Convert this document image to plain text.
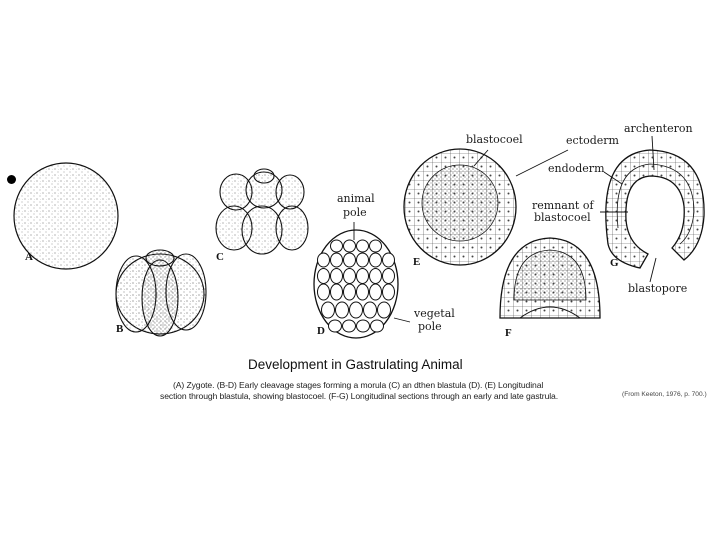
blastocoel	ectoderm
archenteron
endoderm
animal
pole
remnant of
blastocoel
vegetal
pole
blastopore
A
B
C
D
E
F
G
Development in Gastrulating Animal
(A) Zygote. (B-D) Early cleavage stages forming a morula (C) an dthen blastula (D). (E) Longitudinal
section through blastula, showing blastocoel. (F-G) Longitudinal sections through an early and late gastrula.	(From Keeton, 1976, p. 700.)
